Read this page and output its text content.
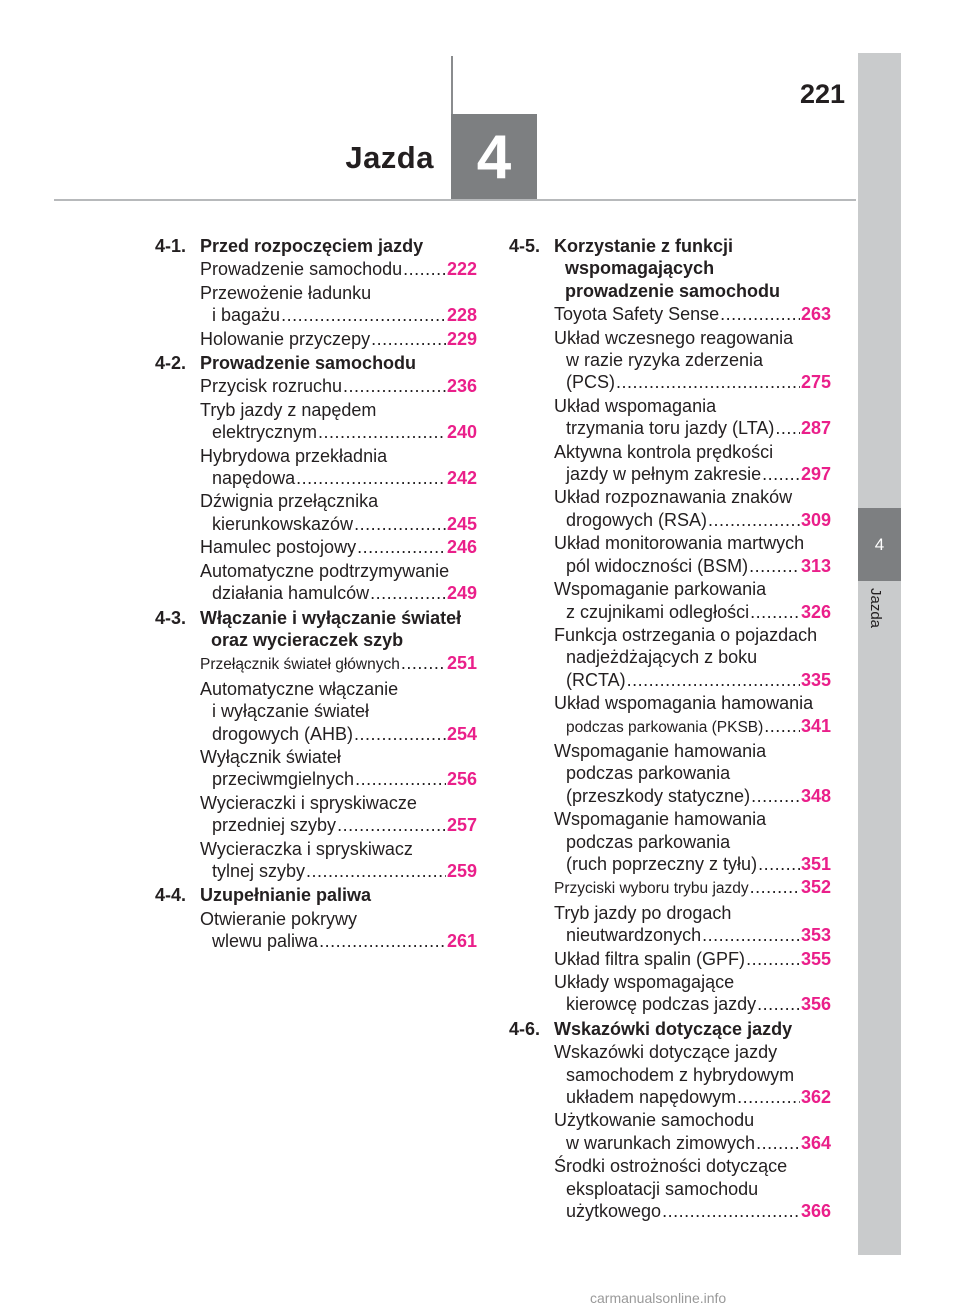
221
Jazda 4
4
Jazda
4-1. Przed rozpoczęciem jazdy
Prowadzenie samochodu ..... 222
Przewożenie ładunku
i bagażu .....	228
Holowanie przyczepy .....	229
4-2. Prowadzenie samochodu
Przycisk rozruchu .....	236
Tryb jazdy z napędem
elektrycznym .....	240
Hybrydowa przekładnia
napędowa .....	242
Dźwignia przełącznika
kierunkowskazów .....	245
Hamulec postojowy .....	246
Automatyczne podtrzymywanie
działania hamulców .....	249
4-3. Włączanie i wyłączanie świateł
oraz wycieraczek szyb
Przełącznik świateł głównych .....	251
Automatyczne włączanie
i wyłączanie świateł
drogowych (AHB) .....	254
Wyłącznik świateł
przeciwmgielnych .....	256
Wycieraczki i spryskiwacze
przedniej szyby .....	257
Wycieraczka i spryskiwacz
tylnej szyby .....	259
4-4. Uzupełnianie paliwa
Otwieranie pokrywy
wlewu paliwa .....	261
4-5. Korzystanie z funkcji
wspomagających
prowadzenie samochodu
Toyota Safety Sense .....	263
Układ wczesnego reagowania
w razie ryzyka zderzenia
(PCS) .....	275
Układ wspomagania
trzymania toru jazdy (LTA) ..... 287
Aktywna kontrola prędkości
jazdy w pełnym zakresie ..... 297
Układ rozpoznawania znaków
drogowych (RSA) .....	309
Układ monitorowania martwych
pól widoczności (BSM) .....	313
Wspomaganie parkowania
z czujnikami odległości .....	326
Funkcja ostrzegania o pojazdach
nadjeżdżających z boku
(RCTA) .....	335
Układ wspomagania hamowania
podczas parkowania (PKSB) ..... 341
Wspomaganie hamowania
podczas parkowania
(przeszkody statyczne) .....	348
Wspomaganie hamowania
podczas parkowania
(ruch poprzeczny z tyłu) ..... 351
Przyciski wyboru trybu jazdy .....	352
Tryb jazdy po drogach
nieutwardzonych .....	353
Układ filtra spalin (GPF) .....	355
Układy wspomagające
kierowcę podczas jazdy ..... 356
4-6. Wskazówki dotyczące jazdy
Wskazówki dotyczące jazdy
samochodem z hybrydowym
układem napędowym .....	362
Użytkowanie samochodu
w warunkach zimowych .....	364
Środki ostrożności dotyczące
eksploatacji samochodu
użytkowego .....	366
carmanualsonline.info
